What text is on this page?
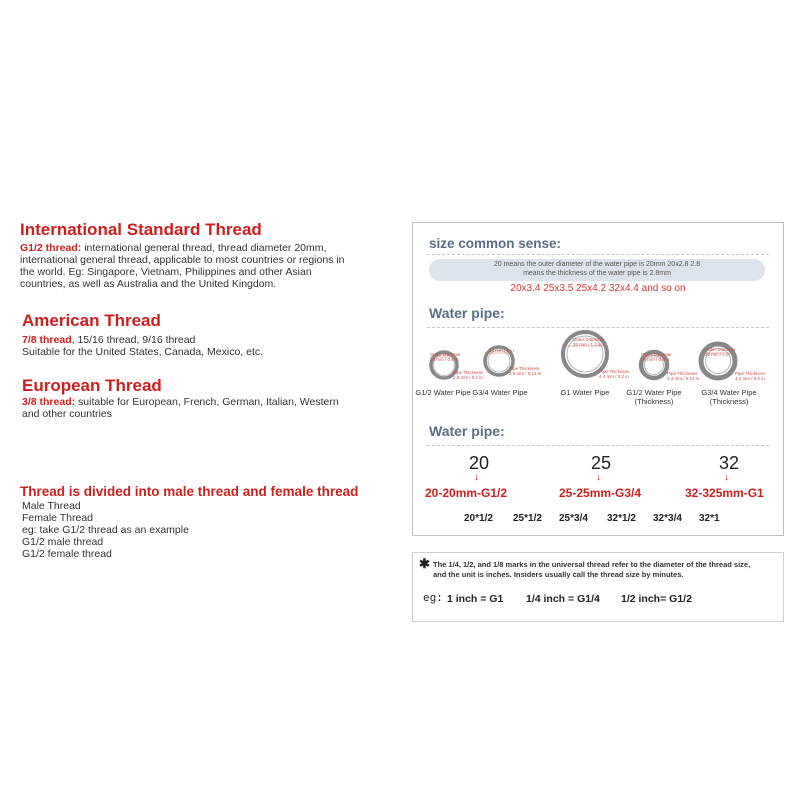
International Standard Thread
G1/2 thread: international general thread, thread diameter 20mm,
international general thread, applicable to most countries or regions in
the world. Eg: Singapore, Vietnam, Philippines and other Asian
countries, as well as Australia and the United Kingdom.
American Thread
7/8 thread, 15/16 thread, 9/16 thread
Suitable for the United States, Canada, Mexico, etc.
European Thread
3/8 thread: suitable for European, French, German, Italian, Western
and other countries
Thread is divided into male thread and female thread
Male Thread
Female Thread
eg: take G1/2 thread as an example
G1/2 male thread
G1/2 female thread
size common sense:
20 means the outer diameter of the water pipe is 20mm 20x2.8 2.8
means the thickness of the water pipe is 2.8mm
20x3.4 25x3.5 25x4.2 32x4.4 and so on
Water pipe:
Outer Diameter
20 mm / 0.8 in
Pipe Thickness
2.8 mm / 0.1 in
25 mm / 1 in
Pipe Thickness
3.5 mm / 0.14 in
Outer Diameter
32 mm / 1.3 in
Pipe Thickness
4.4 mm / 0.2 in
Outer Diameter
20 mm / 0.8 in
Pipe Thickness
3.4 mm / 0.13 in
Outer Diameter
25 mm / 1 in
Pipe Thickness
4.2 mm / 0.2 in
G1/2 Water Pipe G3/4 Water Pipe	G1 Water Pipe	G1/2 Water Pipe
(Thickness)
G3/4 Water Pipe
(Thickness)
Water pipe:
20	25	32
↓	↓	↓
20-20mm-G1/2	25-25mm-G3/4	32-325mm-G1
20*1/2 25*1/2 25*3/4 32*1/2 32*3/4 32*1
✱ The 1/4, 1/2, and 1/8 marks in the universal thread refer to the diameter of the thread size,
and the unit is inches. Insiders usually call the thread size by minutes.
eg: 1 inch = G1 1/4 inch = G1/4 1/2 inch= G1/2
